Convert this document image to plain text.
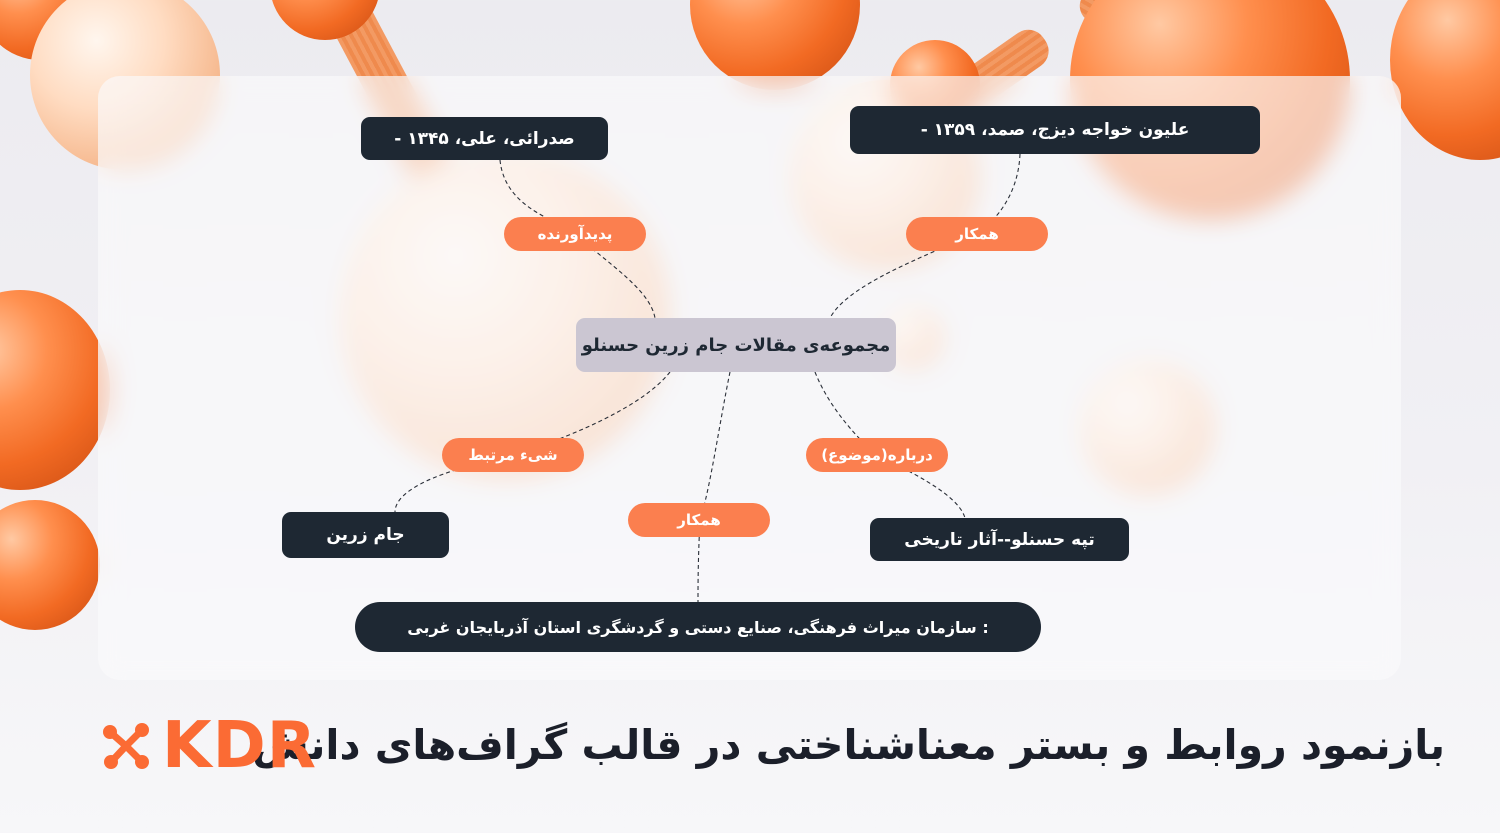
پدیدآورنده	همکار
شیء مرتبط	درباره(موضوع)
همکار
صدرائی، علی، ۱۳۴۵ -	علیون خواجه دیزج، صمد، ۱۳۵۹ -
مجموعه‌ی مقالات جام زرین حسنلو
جام زرین	تپه حسنلو--آثار تاریخی
: سازمان میراث فرهنگی، صنایع دستی و گردشگری استان آذربایجان غربی
بازنمود روابط و بستر معناشناختی در قالب گراف‌های دانش
KDR
